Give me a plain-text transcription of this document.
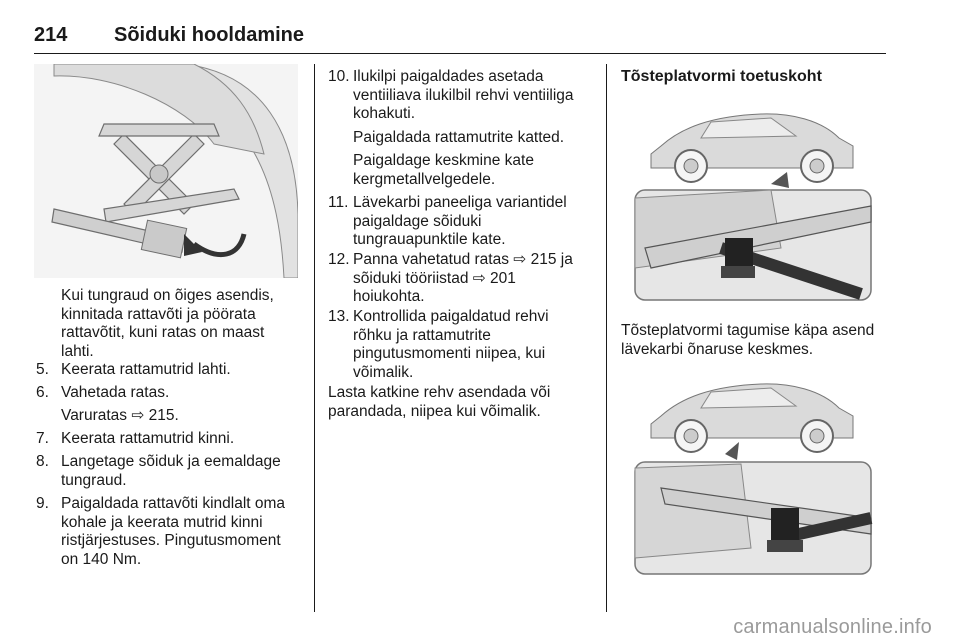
214 Sõiduki hooldamine
Kui tungraud on õiges asendis, kinnitada rattavõti ja pöörata rattavõtit, kuni ratas on maast lahti.
5. Keerata rattamutrid lahti.
6. Vahetada ratas.
Varuratas ⇨ 215.
7. Keerata rattamutrid kinni.
8. Langetage sõiduk ja eemaldage tungraud.
9. Paigaldada rattavõti kindlalt oma kohale ja keerata mutrid kinni ristjärjestuses. Pingutusmoment on 140 Nm.
10. Ilukilpi paigaldades asetada ventiiliava ilukilbil rehvi ventiiliga kohakuti.
Paigaldada rattamutrite katted.
Paigaldage keskmine kate kergmetallvelgedele.
11. Lävekarbi paneeliga variantidel paigaldage sõiduki tungrauapunktile kate.
12. Panna vahetatud ratas ⇨ 215 ja sõiduki tööriistad ⇨ 201 hoiukohta.
13. Kontrollida paigaldatud rehvi rõhku ja rattamutrite pingutusmomenti niipea, kui võimalik.
Lasta katkine rehv asendada või parandada, niipea kui võimalik.
Tõsteplatvormi toetuskoht
Tõsteplatvormi tagumise käpa asend lävekarbi õnaruse keskmes.
carmanualsonline.info
